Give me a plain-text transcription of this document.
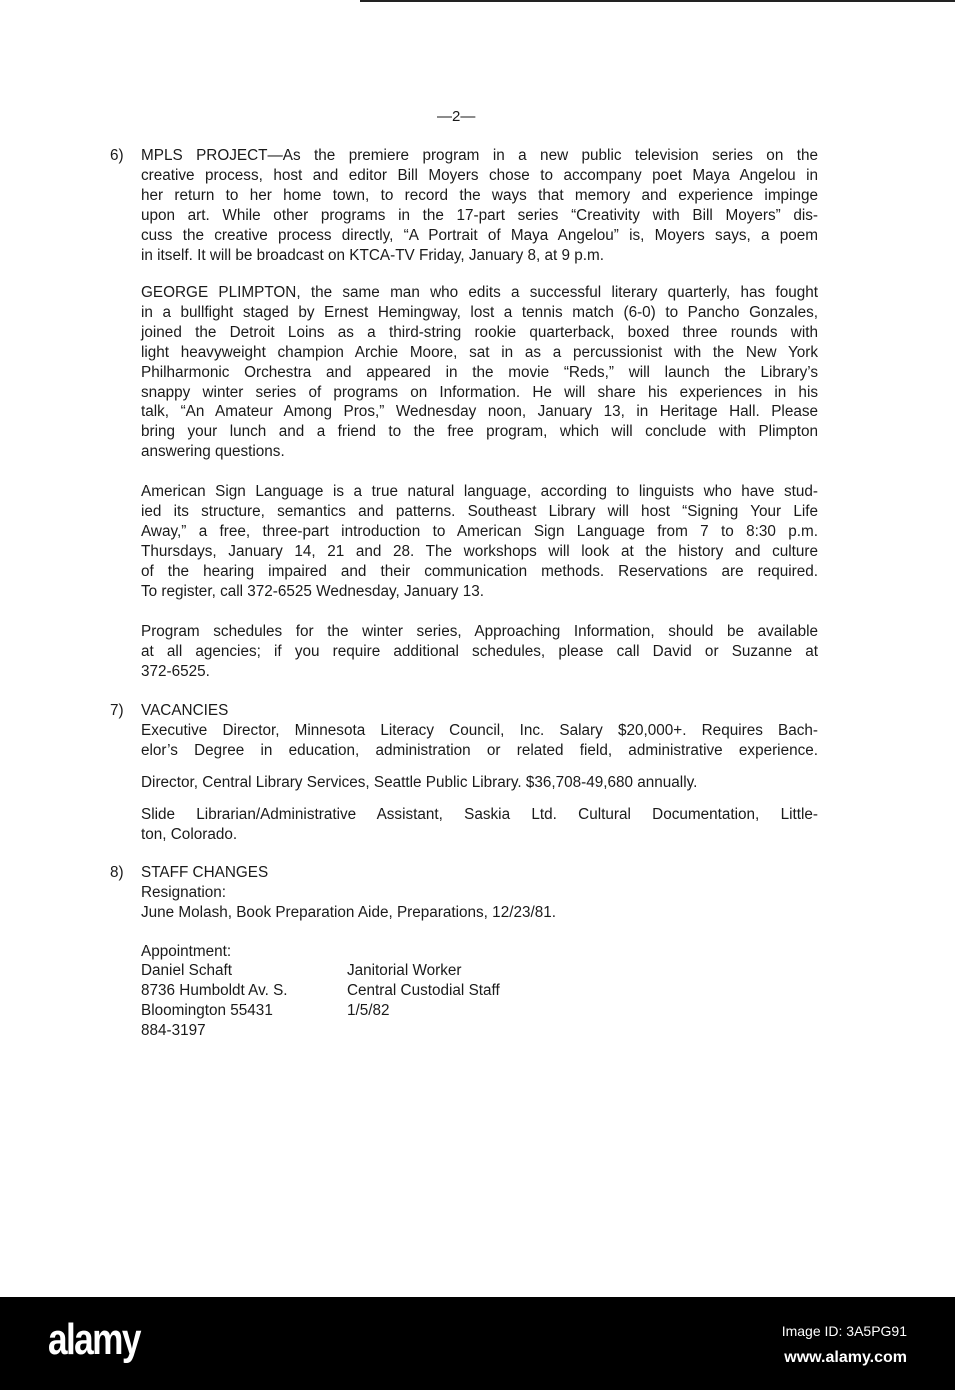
—2—
6) MPLS PROJECT—As the premiere program in a new public television series on the
creative process, host and editor Bill Moyers chose to accompany poet Maya Angelou in
her return to her home town, to record the ways that memory and experience impinge
upon art. While other programs in the 17-part series “Creativity with Bill Moyers” dis-
cuss the creative process directly, “A Portrait of Maya Angelou” is, Moyers says, a poem
in itself. It will be broadcast on KTCA-TV Friday, January 8, at 9 p.m.
GEORGE PLIMPTON, the same man who edits a successful literary quarterly, has fought
in a bullfight staged by Ernest Hemingway, lost a tennis match (6-0) to Pancho Gonzales,
joined the Detroit Loins as a third-string rookie quarterback, boxed three rounds with
light heavyweight champion Archie Moore, sat in as a percussionist with the New York
Philharmonic Orchestra and appeared in the movie “Reds,” will launch the Library’s
snappy winter series of programs on Information. He will share his experiences in his
talk, “An Amateur Among Pros,” Wednesday noon, January 13, in Heritage Hall. Please
bring your lunch and a friend to the free program, which will conclude with Plimpton
answering questions.
American Sign Language is a true natural language, according to linguists who have stud-
ied its structure, semantics and patterns. Southeast Library will host “Signing Your Life
Away,” a free, three-part introduction to American Sign Language from 7 to 8:30 p.m.
Thursdays, January 14, 21 and 28. The workshops will look at the history and culture
of the hearing impaired and their communication methods. Reservations are required.
To register, call 372-6525 Wednesday, January 13.
Program schedules for the winter series, Approaching Information, should be available
at all agencies; if you require additional schedules, please call David or Suzanne at
372-6525.
7) VACANCIES
Executive Director, Minnesota Literacy Council, Inc. Salary $20,000+. Requires Bach-
elor’s Degree in education, administration or related field, administrative experience.
Director, Central Library Services, Seattle Public Library. $36,708-49,680 annually.
Slide Librarian/Administrative Assistant, Saskia Ltd. Cultural Documentation, Little-
ton, Colorado.
8) STAFF CHANGES
Resignation:
June Molash, Book Preparation Aide, Preparations, 12/23/81.
Appointment:
Daniel Schaft
8736 Humboldt Av. S.
Bloomington 55431
884-3197
Janitorial Worker
Central Custodial Staff
1/5/82
alamy	Image ID: 3A5PG91
www.alamy.com
